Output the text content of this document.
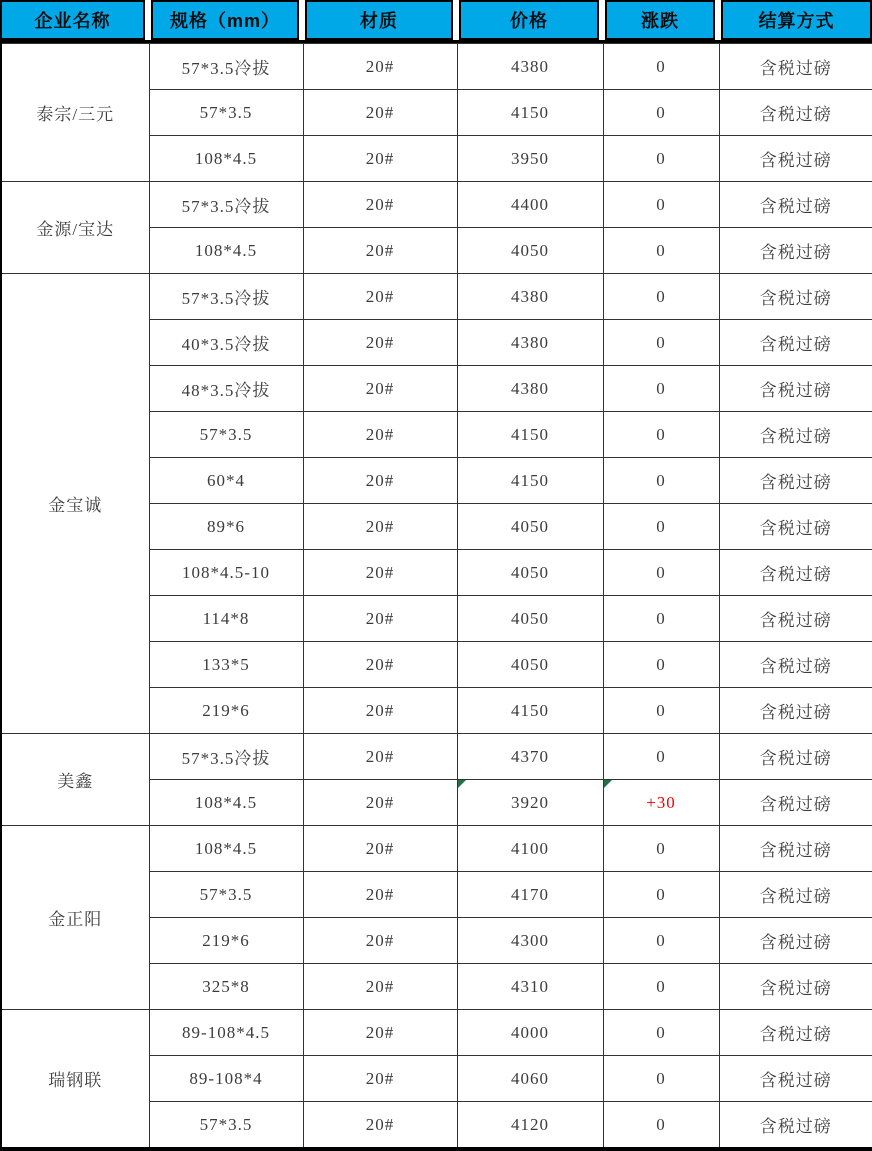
企业名称	规格（mm）	材质	价格	涨跌	结算方式
泰宗/三元	57*3.5冷拔	20#	4380	0	含税过磅
	57*3.5	20#	4150	0	含税过磅
	108*4.5	20#	3950	0	含税过磅
金源/宝达	57*3.5冷拔	20#	4400	0	含税过磅
	108*4.5	20#	4050	0	含税过磅
金宝诚	57*3.5冷拔	20#	4380	0	含税过磅
	40*3.5冷拔	20#	4380	0	含税过磅
	48*3.5冷拔	20#	4380	0	含税过磅
	57*3.5	20#	4150	0	含税过磅
	60*4	20#	4150	0	含税过磅
	89*6	20#	4050	0	含税过磅
	108*4.5-10	20#	4050	0	含税过磅
	114*8	20#	4050	0	含税过磅
	133*5	20#	4050	0	含税过磅
	219*6	20#	4150	0	含税过磅
美鑫	57*3.5冷拔	20#	4370	0	含税过磅
	108*4.5	20#	3920	+30	含税过磅
金正阳	108*4.5	20#	4100	0	含税过磅
	57*3.5	20#	4170	0	含税过磅
	219*6	20#	4300	0	含税过磅
	325*8	20#	4310	0	含税过磅
瑞钢联	89-108*4.5	20#	4000	0	含税过磅
	89-108*4	20#	4060	0	含税过磅
	57*3.5	20#	4120	0	含税过磅
